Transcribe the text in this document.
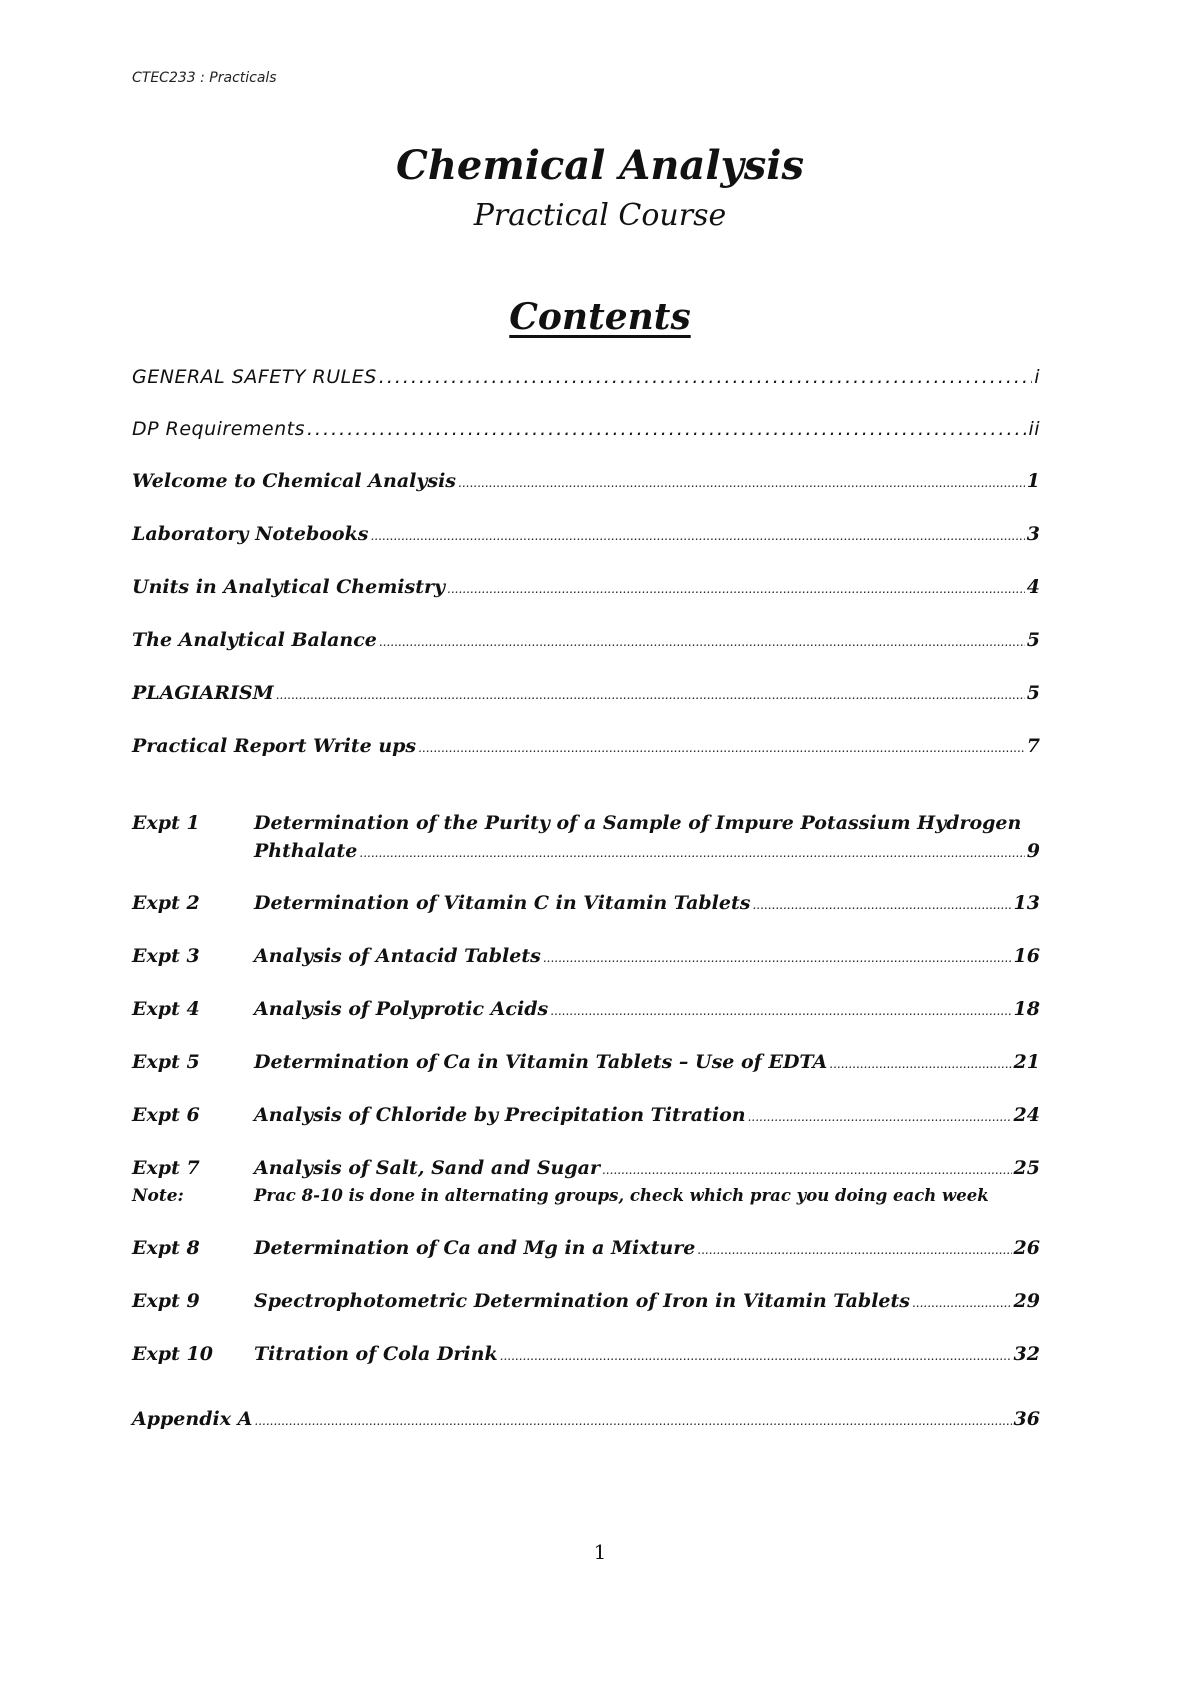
CTEC233 : Practicals
Chemical Analysis
Practical Course
Contents
GENERAL SAFETY RULES .....	i
DP Requirements .....	ii
Welcome to Chemical Analysis .....	1
Laboratory Notebooks .....	3
Units in Analytical Chemistry .....	4
The Analytical Balance .....	5
PLAGIARISM .....	5
Practical Report Write ups .....	7
Expt 1	Determination of the Purity of a Sample of Impure Potassium Hydrogen
Phthalate .....	9
Expt 2	Determination of Vitamin C in Vitamin Tablets .....	13
Expt 3	Analysis of Antacid Tablets .....	16
Expt 4	Analysis of Polyprotic Acids .....	18
Expt 5	Determination of Ca in Vitamin Tablets – Use of EDTA .....	21
Expt 6	Analysis of Chloride by Precipitation Titration .....	24
Expt 7	Analysis of Salt, Sand and Sugar .....	25
Note:	Prac 8-10 is done in alternating groups, check which prac you doing each week
Expt 8	Determination of Ca and Mg in a Mixture .....	26
Expt 9	Spectrophotometric Determination of Iron in Vitamin Tablets .....	29
Expt 10 Titration of Cola Drink .....	32
Appendix A .....	36
1
